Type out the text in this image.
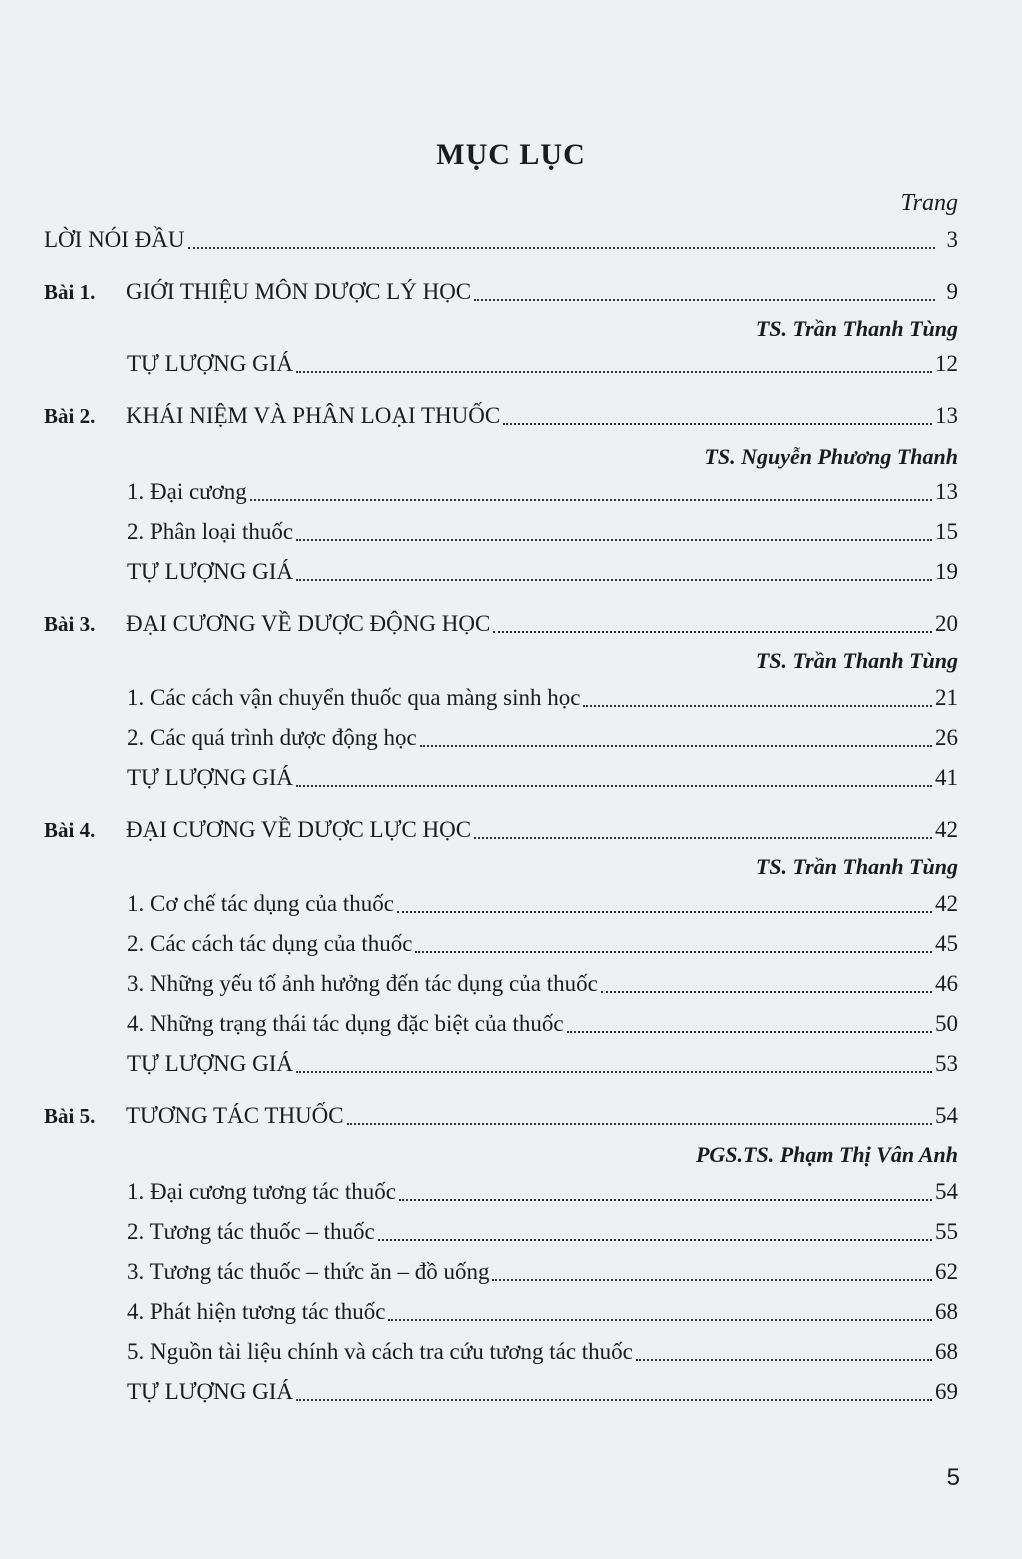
MỤC LỤC
Trang
LỜI NÓI ĐẦU	3
Bài 1.	GIỚI THIỆU MÔN DƯỢC LÝ HỌC	9
TS. Trần Thanh Tùng
TỰ LƯỢNG GIÁ	12
Bài 2.	KHÁI NIỆM VÀ PHÂN LOẠI THUỐC	13
TS. Nguyễn Phương Thanh
1. Đại cương	13
2. Phân loại thuốc	15
TỰ LƯỢNG GIÁ	19
Bài 3.	ĐẠI CƯƠNG VỀ DƯỢC ĐỘNG HỌC	20
TS. Trần Thanh Tùng
1. Các cách vận chuyển thuốc qua màng sinh học	21
2. Các quá trình dược động học	26
TỰ LƯỢNG GIÁ	41
Bài 4.	ĐẠI CƯƠNG VỀ DƯỢC LỰC HỌC	42
TS. Trần Thanh Tùng
1. Cơ chế tác dụng của thuốc	42
2. Các cách tác dụng của thuốc	45
3. Những yếu tố ảnh hưởng đến tác dụng của thuốc	46
4. Những trạng thái tác dụng đặc biệt của thuốc	50
TỰ LƯỢNG GIÁ	53
Bài 5.	TƯƠNG TÁC THUỐC	54
PGS.TS. Phạm Thị Vân Anh
1. Đại cương tương tác thuốc	54
2. Tương tác thuốc – thuốc	55
3. Tương tác thuốc – thức ăn – đồ uống	62
4. Phát hiện tương tác thuốc	68
5. Nguồn tài liệu chính và cách tra cứu tương tác thuốc	68
TỰ LƯỢNG GIÁ	69
5
